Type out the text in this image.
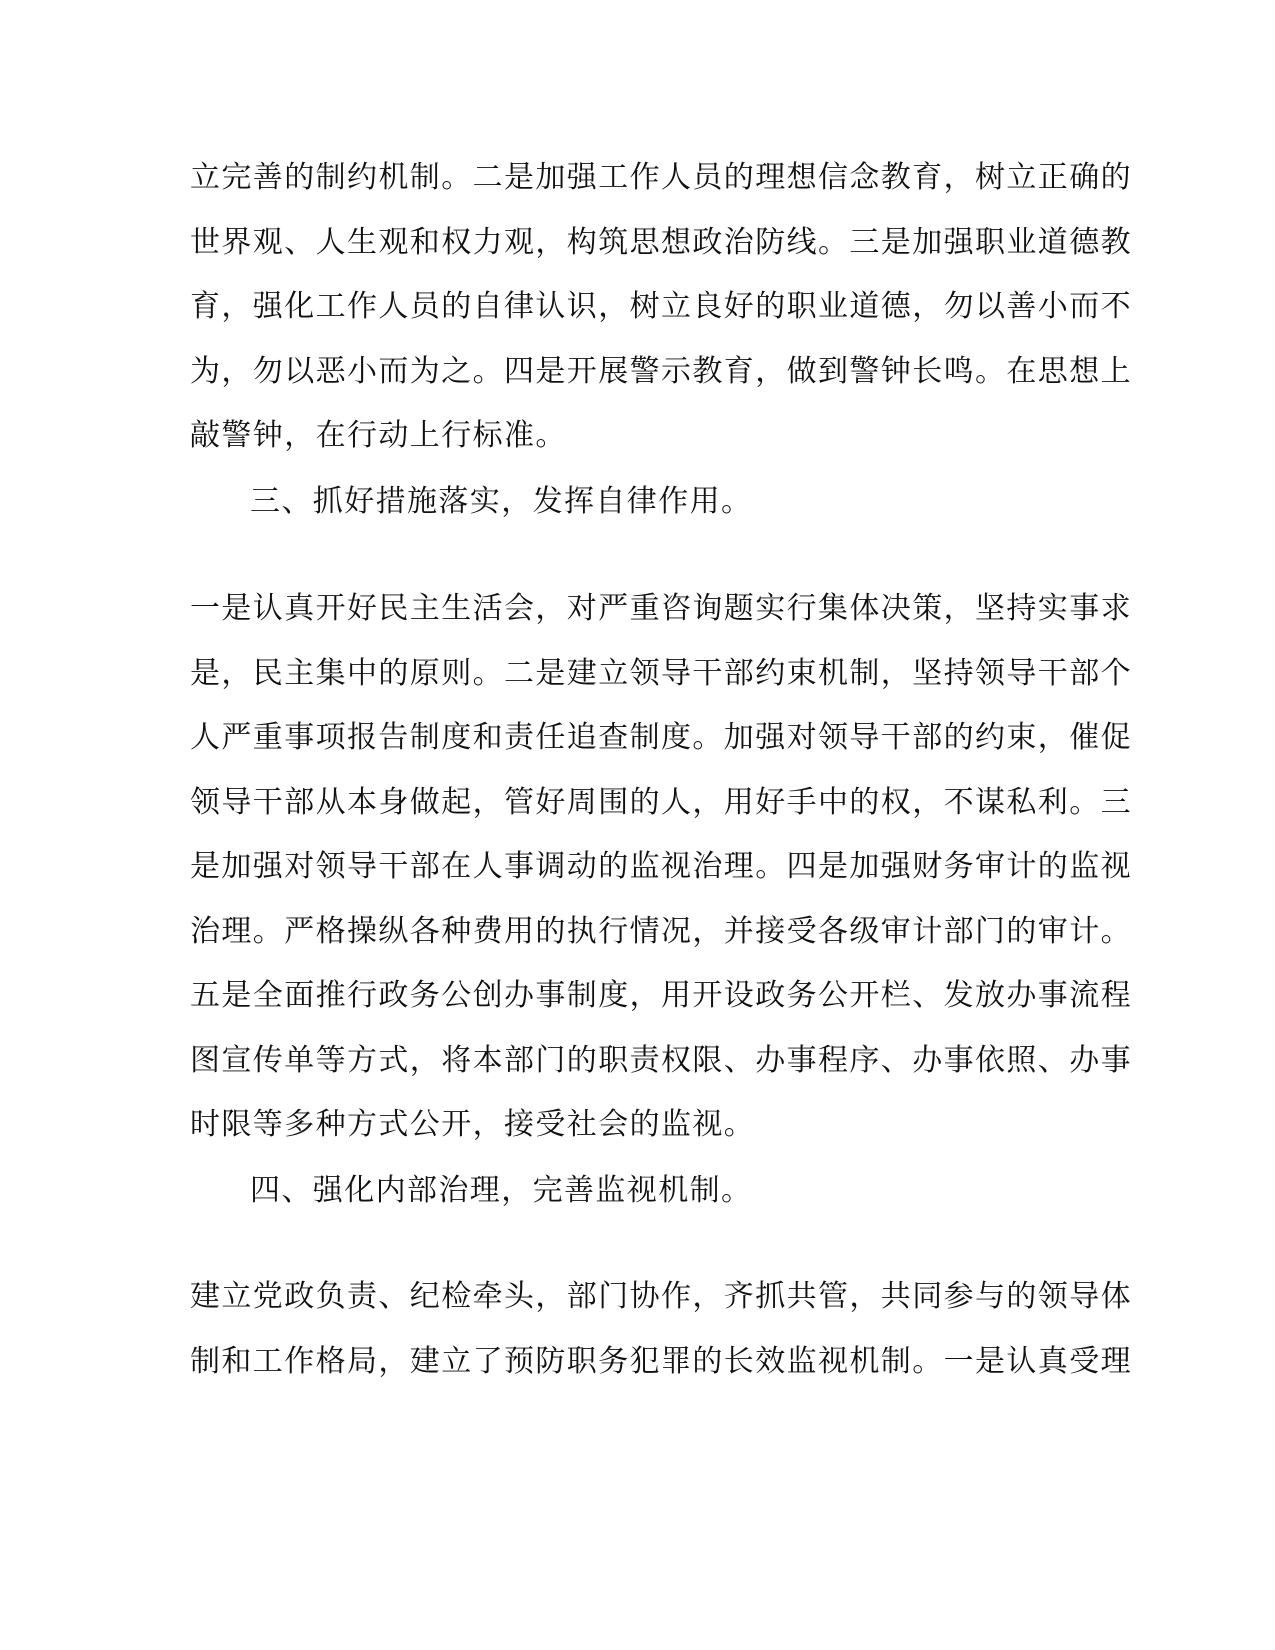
立完善的制约机制。二是加强工作人员的理想信念教育，树立正确的
世界观、人生观和权力观，构筑思想政治防线。三是加强职业道德教
育，强化工作人员的自律认识，树立良好的职业道德，勿以善小而不
为，勿以恶小而为之。四是开展警示教育，做到警钟长鸣。在思想上
敲警钟，在行动上行标准。
三、抓好措施落实，发挥自律作用。
一是认真开好民主生活会，对严重咨询题实行集体决策，坚持实事求
是，民主集中的原则。二是建立领导干部约束机制，坚持领导干部个
人严重事项报告制度和责任追查制度。加强对领导干部的约束，催促
领导干部从本身做起，管好周围的人，用好手中的权，不谋私利。三
是加强对领导干部在人事调动的监视治理。四是加强财务审计的监视
治理。严格操纵各种费用的执行情况，并接受各级审计部门的审计。
五是全面推行政务公创办事制度，用开设政务公开栏、发放办事流程
图宣传单等方式，将本部门的职责权限、办事程序、办事依照、办事
时限等多种方式公开，接受社会的监视。
四、强化内部治理，完善监视机制。
建立党政负责、纪检牵头，部门协作，齐抓共管，共同参与的领导体
制和工作格局，建立了预防职务犯罪的长效监视机制。一是认真受理
